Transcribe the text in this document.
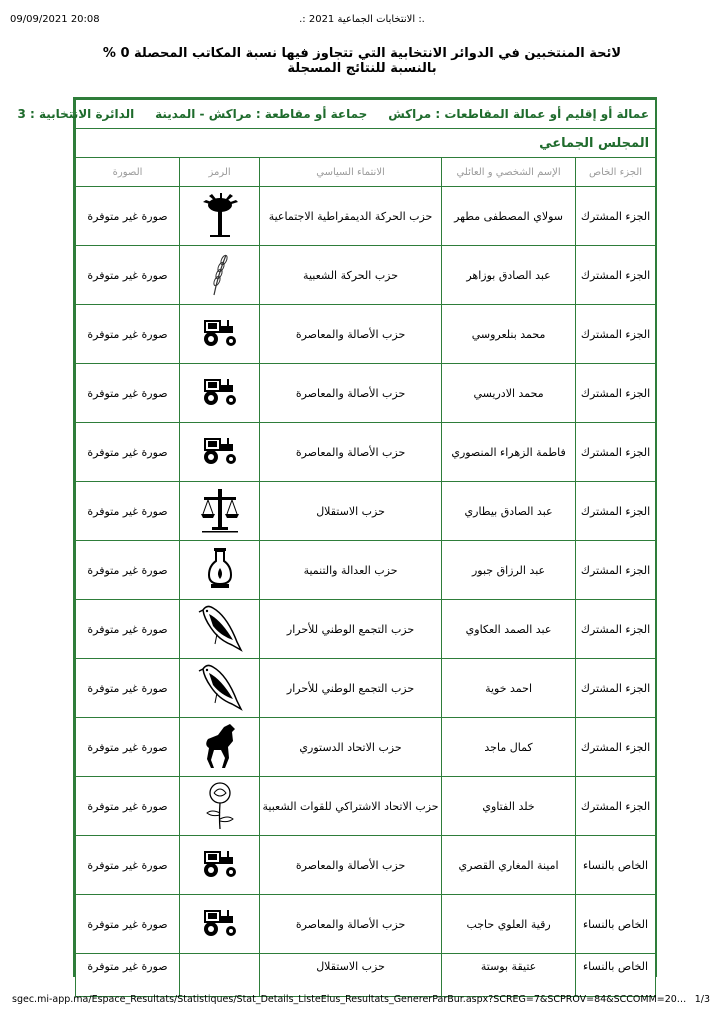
09/09/2021 20:08	.: الانتخابات الجماعية 2021 :.
لائحة المنتخبين في الدوائر الانتخابية التي تتجاوز فيها نسبة المكاتب المحصلة 0 %
بالنسبة للنتائج المسجلة
عمالة أو إقليم أو عمالة المقاطعات : مراكش     جماعة أو مقاطعة : مراكش - المدينة     الدائرة الانتخابية : 3				
المجلس الجماعي				
الجزء الخاص	الإسم الشخصي و العائلي	الانتماء السياسي	الرمز	الصورة
الجزء المشترك	سولاي المصطفى مطهر	حزب الحركة الديمقراطية الاجتماعية		صورة غير متوفرة
الجزء المشترك	عبد الصادق بوزاهر	حزب الحركة الشعبية		صورة غير متوفرة
الجزء المشترك	محمد بنلعروسي	حزب الأصالة والمعاصرة		صورة غير متوفرة
الجزء المشترك	محمد الادريسي	حزب الأصالة والمعاصرة		صورة غير متوفرة
الجزء المشترك	فاطمة الزهراء المنصوري	حزب الأصالة والمعاصرة		صورة غير متوفرة
الجزء المشترك	عبد الصادق بيطاري	حزب الاستقلال		صورة غير متوفرة
الجزء المشترك	عبد الرزاق جبور	حزب العدالة والتنمية		صورة غير متوفرة
الجزء المشترك	عبد الصمد العكاوي	حزب التجمع الوطني للأحرار		صورة غير متوفرة
الجزء المشترك	احمد خوية	حزب التجمع الوطني للأحرار		صورة غير متوفرة
الجزء المشترك	كمال ماجد	حزب الاتحاد الدستوري		صورة غير متوفرة
الجزء المشترك	خلد الفتاوي	حزب الاتحاد الاشتراكي للقوات الشعبية		صورة غير متوفرة
الخاص بالنساء	امينة المغاري القصري	حزب الأصالة والمعاصرة		صورة غير متوفرة
الخاص بالنساء	رقية العلوي حاجب	حزب الأصالة والمعاصرة		صورة غير متوفرة
الخاص بالنساء	عتيقة بوستة	حزب الاستقلال		صورة غير متوفرة
sgec.mi-app.ma/Espace_Resultats/Statistiques/Stat_Details_ListeElus_Resultats_GenererParBur.aspx?SCREG=7&SCPROV=84&SCCOMM=20… 1/3
